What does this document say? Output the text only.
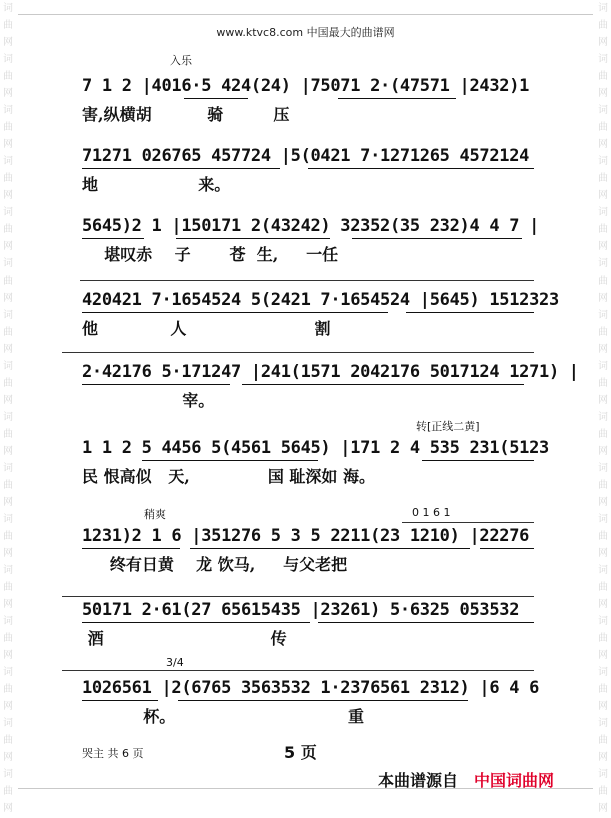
词
曲
网
词
曲
网
词
曲
网
词
曲
网
词
曲
网
词
曲
网
词
曲
网
词
曲
网
词
曲
网
词
曲
网
词
曲
网
词
曲
网
词
曲
网
词
曲
网
词
曲
网
词
曲
网
词
曲
网
词
曲
网
词
曲
网
词
曲
网
词
曲
网
词
曲
网
词
曲
网
词
曲
网
词
曲
网
词
曲
网
词
曲
网
词
曲
网
词
曲
网
词
曲
网
词
曲
网
词
曲
网
www.ktvc8.com 中国最大的曲谱网
入乐
7 1 2 |4016·5 424(24) |75071 2·(47571 |2432)1
害,纵横胡          骑         压
71271 026765 457724 |5(0421 7·1271265 4572124
地                  来。
5645)2 1 |150171 2(43242) 32352(35 232)4 4 7 |
堪叹赤    子       苍  生,     一任
420421 7·1654524 5(2421 7·1654524 |5645) 1512323
他             人                       割
2·42176 5·171247 |241(1571 2042176 5017124 1271) |
宰。
转[正线二黄]
1 1 2 5 4456 5(4561 5645) |171 2 4 535 231(5123
民 恨高似   天,              国 耻深如 海。
稍爽	0 1 6 1
1231)2 1 6 |351276 5 3 5 2211(23 1210) |22276
终有日黄    龙 饮马,     与父老把
50171 2·61(27 65615435 |23261) 5·6325 053532
酒                              传
3/4
1026561 |2(6765 3563532 1·2376561 2312) |6 4 6
杯。                               重
哭主 共 6 页	5 页
本曲谱源自 中国词曲网
